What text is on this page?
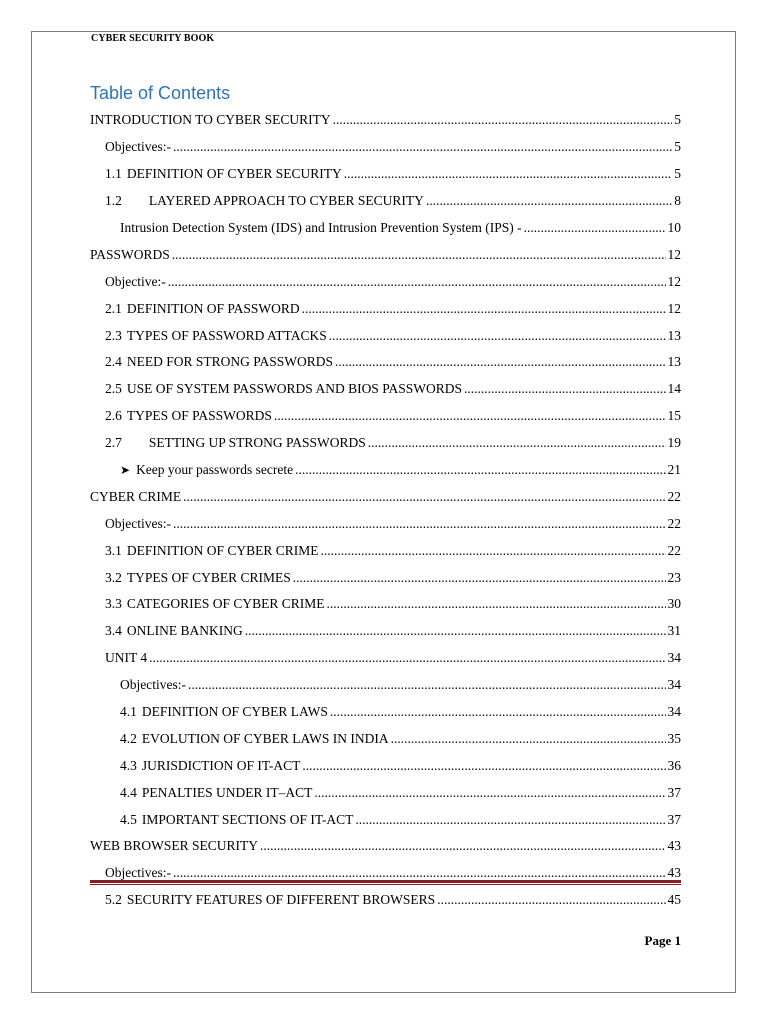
CYBER SECURITY BOOK
Table of Contents
INTRODUCTION TO CYBER SECURITY .....	5
Objectives:- .....	5
1.1 DEFINITION OF CYBER SECURITY .....	5
1.2 LAYERED APPROACH TO CYBER SECURITY .....	8
Intrusion Detection System (IDS) and Intrusion Prevention System (IPS) - .....	10
PASSWORDS .....	12
Objective:- .....	12
2.1 DEFINITION OF PASSWORD .....	12
2.3 TYPES OF PASSWORD ATTACKS .....	13
2.4 NEED FOR STRONG PASSWORDS .....	13
2.5 USE OF SYSTEM PASSWORDS AND BIOS PASSWORDS .....	14
2.6 TYPES OF PASSWORDS .....	15
2.7 SETTING UP STRONG PASSWORDS .....	19
➤ Keep your passwords secrete .....	21
CYBER CRIME .....	22
Objectives:- .....	22
3.1 DEFINITION OF CYBER CRIME .....	22
3.2 TYPES OF CYBER CRIMES .....	23
3.3 CATEGORIES OF CYBER CRIME .....	30
3.4 ONLINE BANKING .....	31
UNIT 4 .....	34
Objectives:- .....	34
4.1 DEFINITION OF CYBER LAWS .....	34
4.2 EVOLUTION OF CYBER LAWS IN INDIA .....	35
4.3 JURISDICTION OF IT-ACT .....	36
4.4 PENALTIES UNDER IT–ACT .....	37
4.5 IMPORTANT SECTIONS OF IT-ACT .....	37
WEB BROWSER SECURITY .....	43
Objectives:- .....	43
5.2 SECURITY FEATURES OF DIFFERENT BROWSERS .....	45
Page 1
